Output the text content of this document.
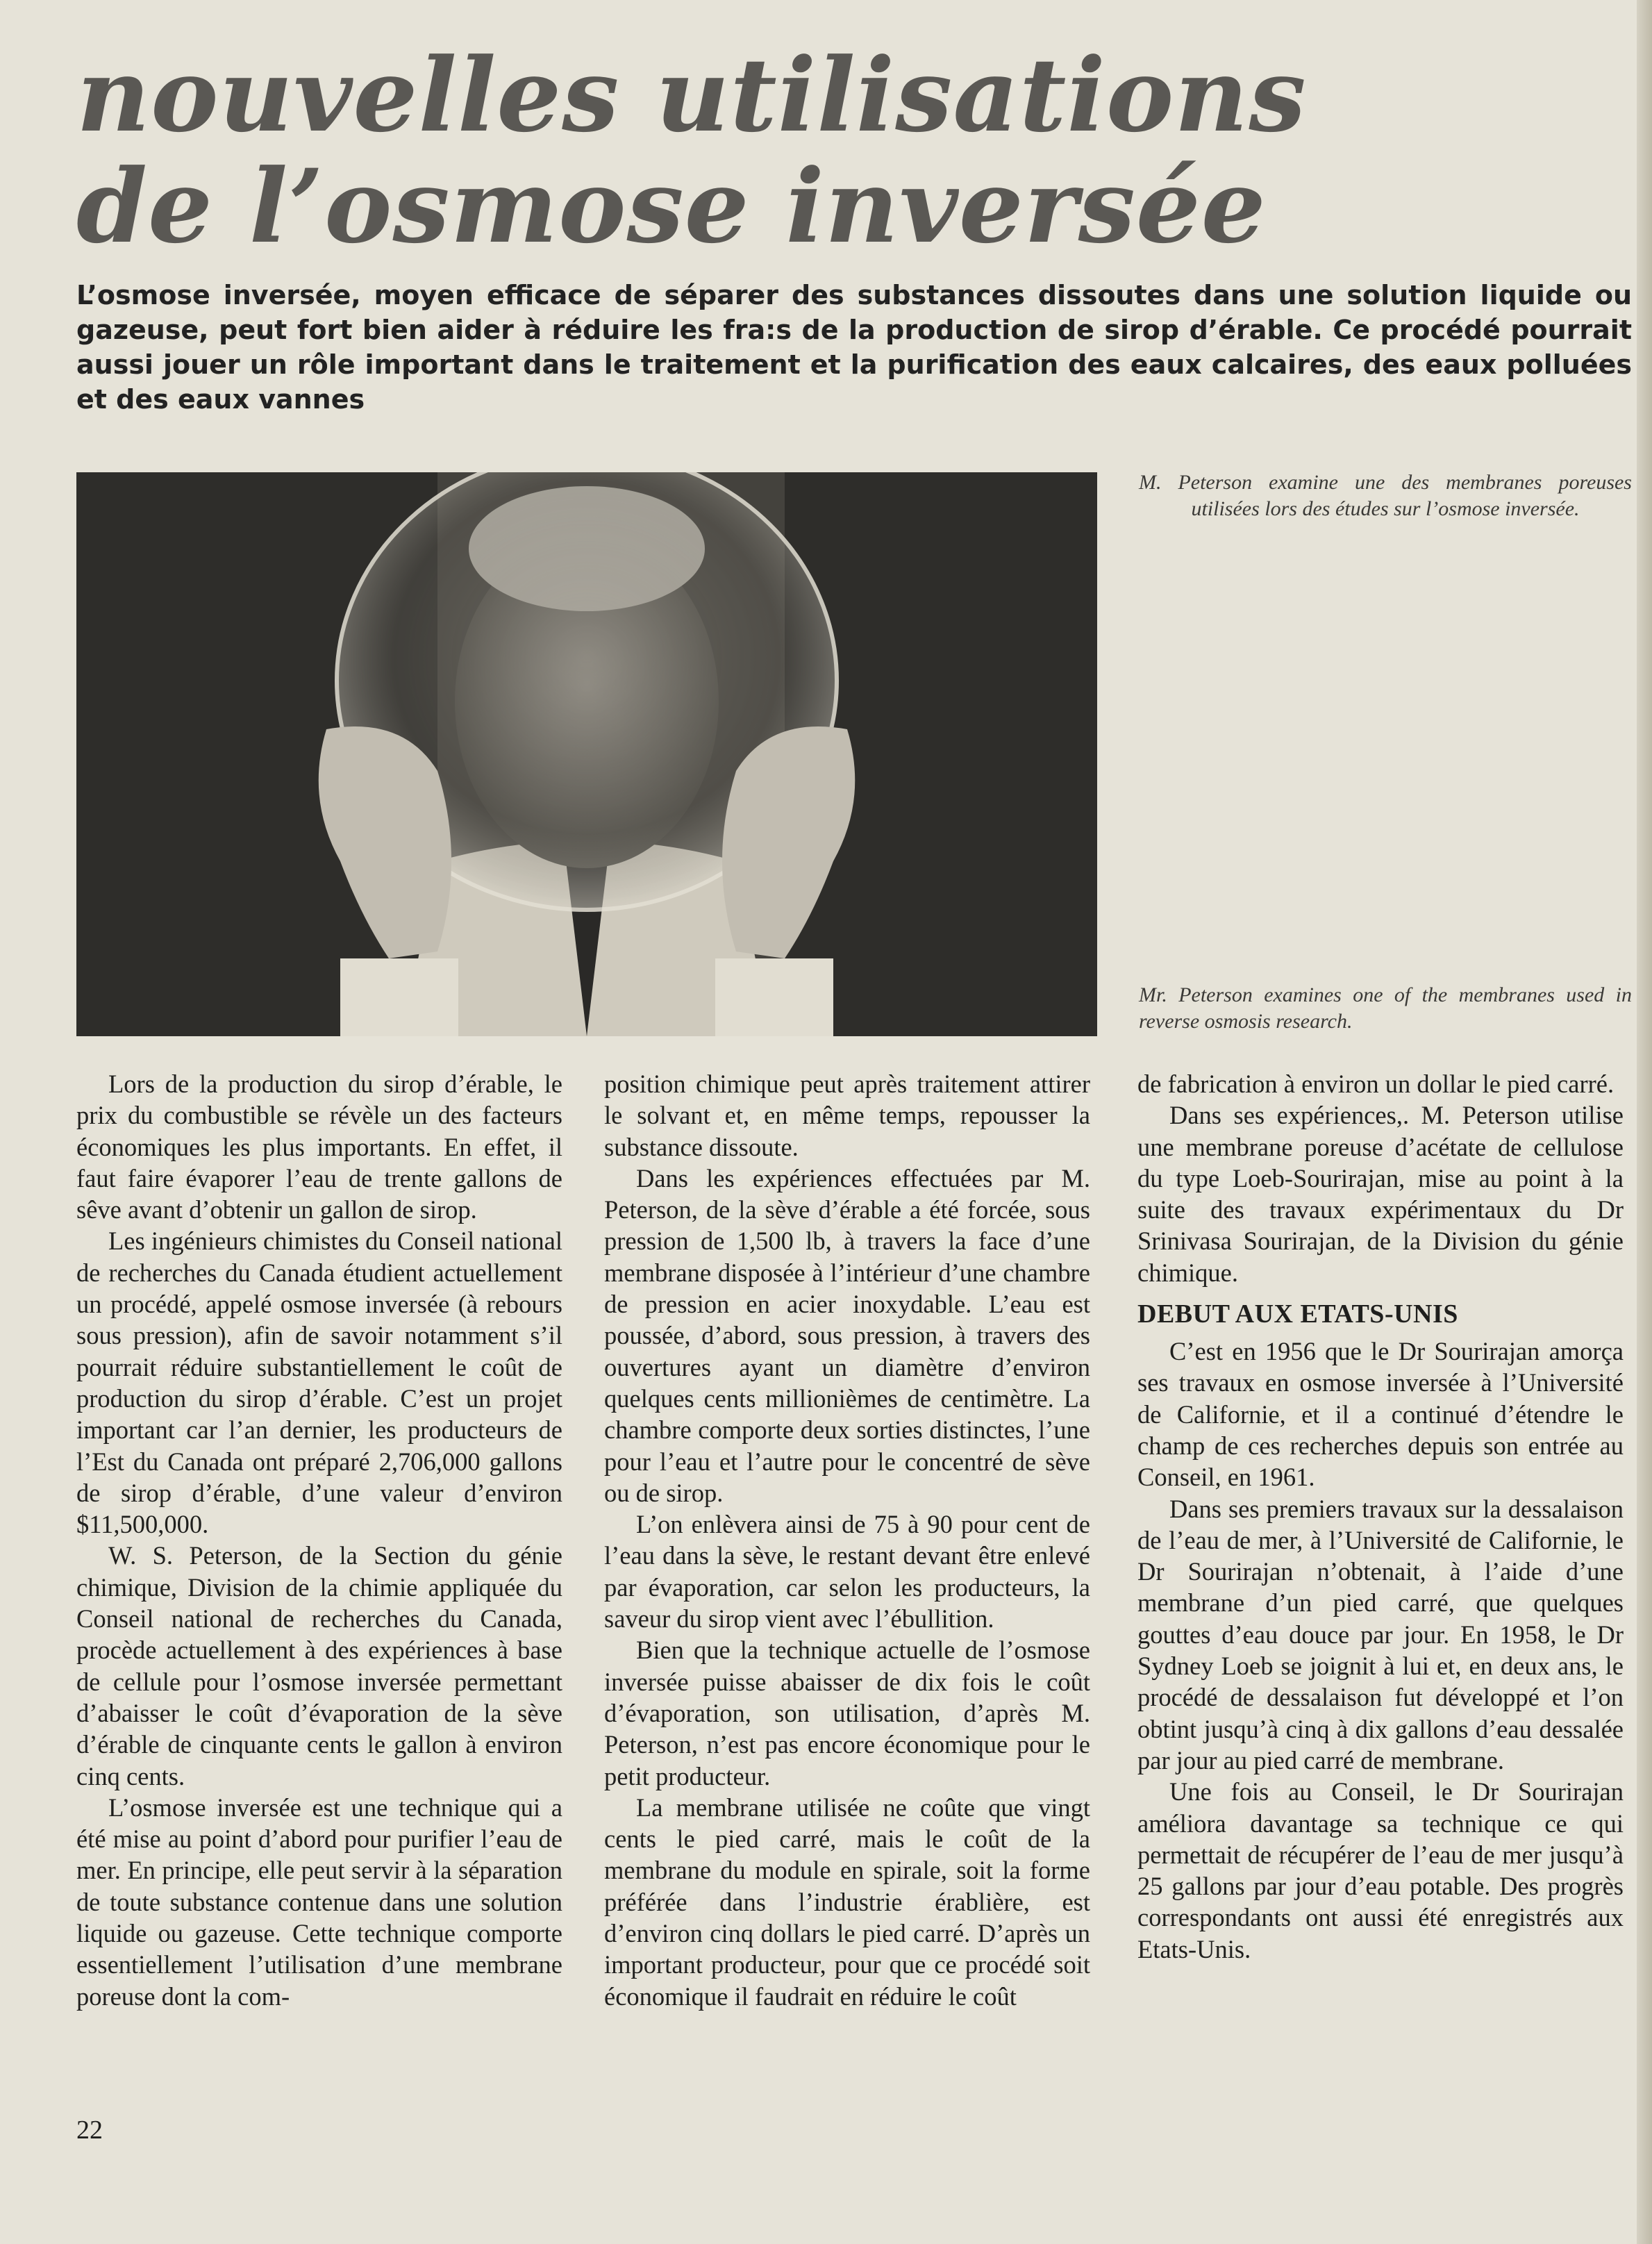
nouvelles utilisations
de l’osmose inversée

L’osmose inversée, moyen efficace de séparer des substances dissoutes dans une solution liquide ou gazeuse, peut fort bien aider à réduire les fra:s de la production de sirop d’érable. Ce procédé pourrait aussi jouer un rôle important dans le traitement et la purification des eaux calcaires, des eaux polluées et des eaux vannes

M. Peterson examine une des membranes poreuses utilisées lors des études sur l’osmose inversée.

Mr. Peterson examines one of the membranes used in reverse osmosis research.

Lors de la production du sirop d’érable, le prix du combustible se révèle un des facteurs économiques les plus importants. En effet, il faut faire évaporer l’eau de trente gallons de sêve avant d’obtenir un gallon de sirop.

Les ingénieurs chimistes du Conseil national de recherches du Canada étudient actuellement un procédé, appelé osmose inversée (à rebours sous pression), afin de savoir notamment s’il pourrait réduire substantiellement le coût de production du sirop d’érable. C’est un projet important car l’an dernier, les producteurs de l’Est du Canada ont préparé 2,706,000 gallons de sirop d’érable, d’une valeur d’environ $11,500,000.

W. S. Peterson, de la Section du génie chimique, Division de la chimie appliquée du Conseil national de recherches du Canada, procède actuellement à des expériences à base de cellule pour l’osmose inversée permettant d’abaisser le coût d’évaporation de la sève d’érable de cinquante cents le gallon à environ cinq cents.

L’osmose inversée est une technique qui a été mise au point d’abord pour purifier l’eau de mer. En principe, elle peut servir à la séparation de toute substance contenue dans une solution liquide ou gazeuse. Cette technique comporte essentiellement l’utilisation d’une membrane poreuse dont la com-

position chimique peut après traitement attirer le solvant et, en même temps, repousser la substance dissoute.

Dans les expériences effectuées par M. Peterson, de la sève d’érable a été forcée, sous pression de 1,500 lb, à travers la face d’une membrane disposée à l’intérieur d’une chambre de pression en acier inoxydable. L’eau est poussée, d’abord, sous pression, à travers des ouvertures ayant un diamètre d’environ quelques cents millionièmes de centimètre. La chambre comporte deux sorties distinctes, l’une pour l’eau et l’autre pour le concentré de sève ou de sirop.

L’on enlèvera ainsi de 75 à 90 pour cent de l’eau dans la sève, le restant devant être enlevé par évaporation, car selon les producteurs, la saveur du sirop vient avec l’ébullition.

Bien que la technique actuelle de l’osmose inversée puisse abaisser de dix fois le coût d’évaporation, son utilisation, d’après M. Peterson, n’est pas encore économique pour le petit producteur.

La membrane utilisée ne coûte que vingt cents le pied carré, mais le coût de la membrane du module en spirale, soit la forme préférée dans l’industrie érablière, est d’environ cinq dollars le pied carré. D’après un important producteur, pour que ce procédé soit économique il faudrait en réduire le coût

de fabrication à environ un dollar le pied carré.

Dans ses expériences,. M. Peterson utilise une membrane poreuse d’acétate de cellulose du type Loeb-Sourirajan, mise au point à la suite des travaux expérimentaux du Dr Srinivasa Sourirajan, de la Division du génie chimique.

DEBUT AUX ETATS-UNIS

C’est en 1956 que le Dr Sourirajan amorça ses travaux en osmose inversée à l’Université de Californie, et il a continué d’étendre le champ de ces recherches depuis son entrée au Conseil, en 1961.

Dans ses premiers travaux sur la dessalaison de l’eau de mer, à l’Université de Californie, le Dr Sourirajan n’obtenait, à l’aide d’une membrane d’un pied carré, que quelques gouttes d’eau douce par jour. En 1958, le Dr Sydney Loeb se joignit à lui et, en deux ans, le procédé de dessalaison fut développé et l’on obtint jusqu’à cinq à dix gallons d’eau dessalée par jour au pied carré de membrane.

Une fois au Conseil, le Dr Sourirajan améliora davantage sa technique ce qui permettait de récupérer de l’eau de mer jusqu’à 25 gallons par jour d’eau potable. Des progrès correspondants ont aussi été enregistrés aux Etats-Unis.

22
